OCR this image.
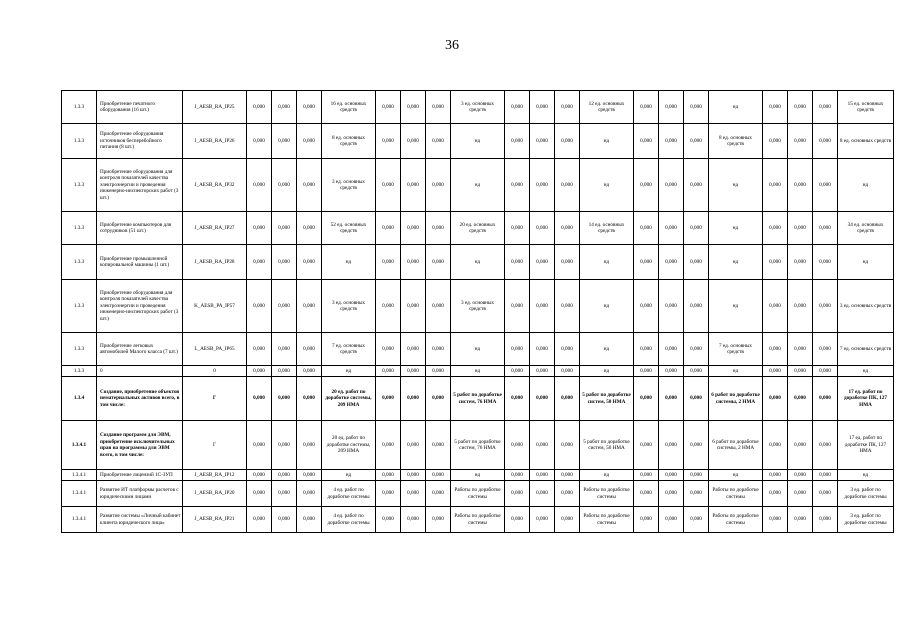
36
1.3.3	Приобретение печатного оборудования (16 шт.)	J_AESB_RA_IP25	0,000	0,000	0,000	16 ед. основных средств	0,000	0,000	0,000	3 ед. основных средств	0,000	0,000	0,000	12 ед. основных средств	0,000	0,000	0,000	нд	0,000	0,000	0,000	15 ед. основных средств
1.3.3	Приобретение оборудования источников бесперебойного питания (8 шт.)	J_AESB_RA_IP26	0,000	0,000	0,000	8 ед. основных средств	0,000	0,000	0,000	нд	0,000	0,000	0,000	нд	0,000	0,000	0,000	8 ед. основных средств	0,000	0,000	0,000	8 ед. основных средств
1.3.3	Приобретение оборудования для контроля показателей качества электроэнергии и проведения инженерно-инспекторских работ (3 шт.)	J_AESB_RA_IP32	0,000	0,000	0,000	3 ед. основных средств	0,000	0,000	0,000	нд	0,000	0,000	0,000	нд	0,000	0,000	0,000	нд	0,000	0,000	0,000	нд
1.3.3	Приобретение компьютеров для сотрудников (51 шт.)	J_AESB_RA_IP27	0,000	0,000	0,000	52 ед. основных средств	0,000	0,000	0,000	20 ед. основных средств	0,000	0,000	0,000	14 ед. основных средств	0,000	0,000	0,000	нд	0,000	0,000	0,000	34 ед. основных средств
1.3.3	Приобретение промышленной копировальной машины (1 шт.)	J_AESB_RA_IP28	0,000	0,000	0,000	нд	0,000	0,000	0,000	нд	0,000	0,000	0,000	нд	0,000	0,000	0,000	нд	0,000	0,000	0,000	нд
1.3.3	Приобретение оборудования для контроля показателей качества электроэнергии и проведения инженерно-инспекторских работ (3 шт.)	K_AESB_PA_IP57	0,000	0,000	0,000	3 ед. основных средств	0,000	0,000	0,000	3 ед. основных средств	0,000	0,000	0,000	нд	0,000	0,000	0,000	нд	0,000	0,000	0,000	3 ед. основных средств
1.3.3	Приобретение легковых автомобилей Малого класса (7 шт.)	L_AESB_PA_IP65	0,000	0,000	0,000	7 ед. основных средств	0,000	0,000	0,000	нд	0,000	0,000	0,000	нд	0,000	0,000	0,000	7 ед. основных средств	0,000	0,000	0,000	7 ед. основных средств
1.3.3	0	0	0,000	0,000	0,000	нд	0,000	0,000	0,000	нд	0,000	0,000	0,000	нд	0,000	0,000	0,000	нд	0,000	0,000	0,000	нд
1.3.4	Создание, приобретение объектов нематериальных активов всего, в том числе:	Г	0,000	0,000	0,000	20 ед. работ по доработке системы, 209 НМА	0,000	0,000	0,000	5 работ по доработке систем, 76 НМА	0,000	0,000	0,000	5 работ по доработке систем, 50 НМА	0,000	0,000	0,000	6 работ по доработке системы, 2 НМА	0,000	0,000	0,000	17 ед. работ по доработке ПК, 127 НМА
1.3.4.1	Создание программ для ЭВМ, приобретение исключительных прав на программы для ЭВМ всего, в том числе:	Г	0,000	0,000	0,000	20 ед. работ по доработке системы, 209 НМА	0,000	0,000	0,000	5 работ по доработке систем, 76 НМА	0,000	0,000	0,000	5 работ по доработке систем, 50 НМА	0,000	0,000	0,000	6 работ по доработке системы, 2 НМА	0,000	0,000	0,000	17 ед. работ по доработке ПК, 127 НМА
1.3.4.1	Приобретение лицензий 1С-ЗУП	J_AESB_RA_IP12	0,000	0,000	0,000	нд	0,000	0,000	0,000	нд	0,000	0,000	0,000	нд	0,000	0,000	0,000	нд	0,000	0,000	0,000	нд
1.3.4.1	Развитие ИТ платформы расчетов с юридическими лицами	J_AESB_RA_IP20	0,000	0,000	0,000	4 ед. работ по доработке системы	0,000	0,000	0,000	Работы по доработке системы	0,000	0,000	0,000	Работы по доработке системы	0,000	0,000	0,000	Работы по доработке системы	0,000	0,000	0,000	3 ед. работ по доработке системы
1.3.4.1	Развитие системы «Личный кабинет клиента юридического лица»	J_AESB_RA_IP21	0,000	0,000	0,000	4 ед. работ по доработке системы	0,000	0,000	0,000	Работы по доработке системы	0,000	0,000	0,000	Работы по доработке системы	0,000	0,000	0,000	Работы по доработке системы	0,000	0,000	0,000	3 ед. работ по доработке системы
